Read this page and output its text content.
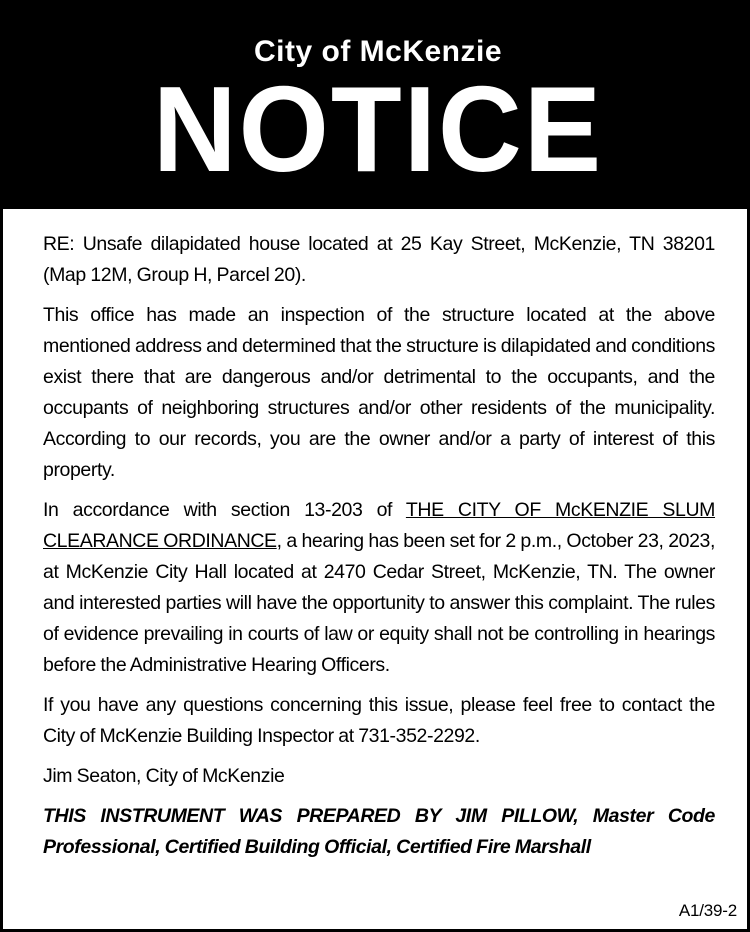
City of McKenzie
NOTICE

RE: Unsafe dilapidated house located at 25 Kay Street, McKenzie, TN 38201 (Map 12M, Group H, Parcel 20).

This office has made an inspection of the structure located at the above mentioned address and determined that the structure is dilapidated and conditions exist there that are dangerous and/or detrimental to the occupants, and the occupants of neighboring structures and/or other residents of the municipality. According to our records, you are the owner and/or a party of interest of this property.

In accordance with section 13-203 of THE CITY OF McKENZIE SLUM CLEARANCE ORDINANCE, a hearing has been set for 2 p.m., October 23, 2023, at McKenzie City Hall located at 2470 Cedar Street, McKenzie, TN. The owner and interested parties will have the opportunity to answer this complaint. The rules of evidence prevailing in courts of law or equity shall not be controlling in hearings before the Administrative Hearing Officers.

If you have any questions concerning this issue, please feel free to contact the City of McKenzie Building Inspector at 731-352-2292.

Jim Seaton, City of McKenzie

THIS INSTRUMENT WAS PREPARED BY JIM PILLOW, Master Code Professional, Certified Building Official, Certified Fire Marshall

A1/39-2
